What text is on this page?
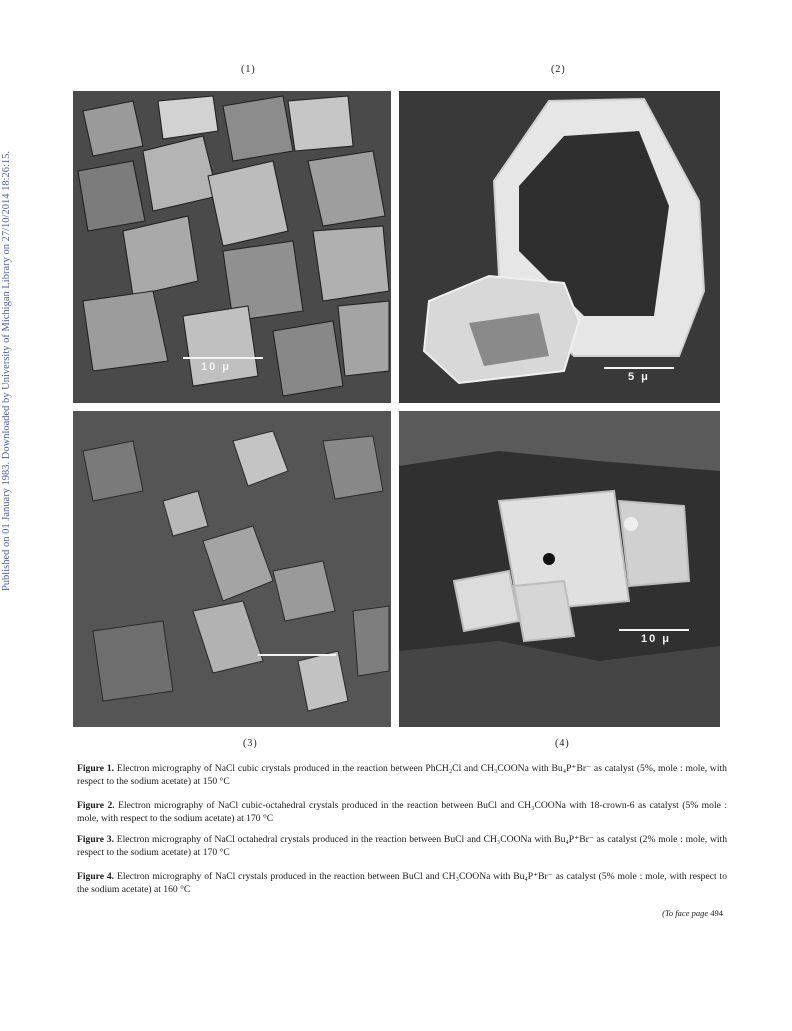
Published on 01 January 1983. Downloaded by University of Michigan Library on 27/10/2014 18:26:15.
(1)	(2)
(3)	(4)
10 μ
5 μ
10 μ
Figure 1. Electron micrography of NaCl cubic crystals produced in the reaction between PhCH₂Cl and CH₃COONa with Bu₄P⁺Br⁻ as catalyst (5%, mole : mole, with respect to the sodium acetate) at 150 °C
Figure 2. Electron micrography of NaCl cubic-octahedral crystals produced in the reaction between BuCl and CH₃COONa with 18-crown-6 as catalyst (5% mole : mole, with respect to the sodium acetate) at 170 °C
Figure 3. Electron micrography of NaCl octahedral crystals produced in the reaction between BuCl and CH₃COONa with Bu₄P⁺Br⁻ as catalyst (2% mole : mole, with respect to the sodium acetate) at 170 °C
Figure 4. Electron micrography of NaCl crystals produced in the reaction between BuCl and CH₃COONa with Bu₄P⁺Br⁻ as catalyst (5% mole : mole, with respect to the sodium acetate) at 160 °C
(To face page 494
